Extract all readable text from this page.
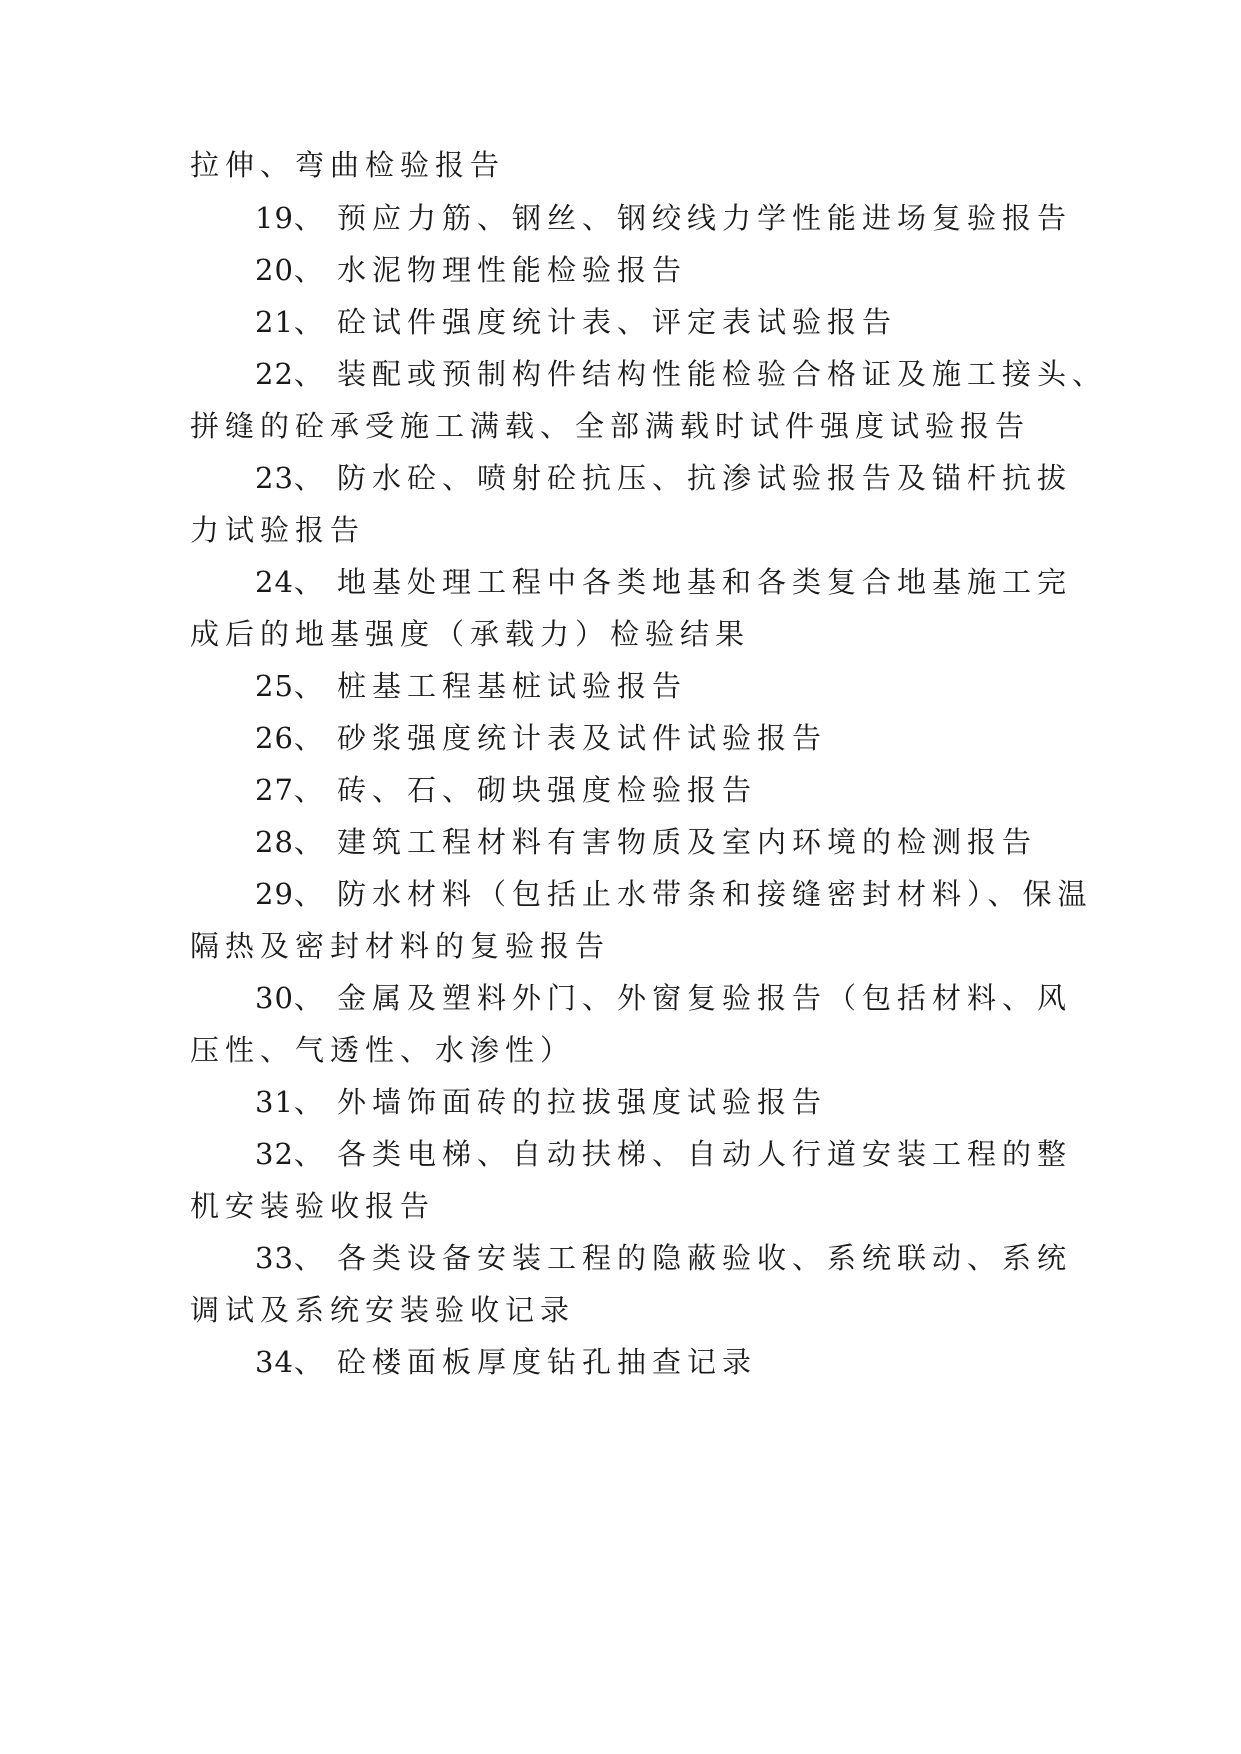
拉伸、弯曲检验报告
19、 预应力筋、钢丝、钢绞线力学性能进场复验报告
20、 水泥物理性能检验报告
21、 砼试件强度统计表、评定表试验报告
22、 装配或预制构件结构性能检验合格证及施工接头、
拼缝的砼承受施工满载、全部满载时试件强度试验报告
23、 防水砼、喷射砼抗压、抗渗试验报告及锚杆抗拔
力试验报告
24、 地基处理工程中各类地基和各类复合地基施工完
成后的地基强度（承载力）检验结果
25、 桩基工程基桩试验报告
26、 砂浆强度统计表及试件试验报告
27、 砖、石、砌块强度检验报告
28、 建筑工程材料有害物质及室内环境的检测报告
29、 防水材料（包括止水带条和接缝密封材料）、保温
隔热及密封材料的复验报告
30、 金属及塑料外门、外窗复验报告（包括材料、风
压性、气透性、水渗性）
31、 外墙饰面砖的拉拔强度试验报告
32、 各类电梯、自动扶梯、自动人行道安装工程的整
机安装验收报告
33、 各类设备安装工程的隐蔽验收、系统联动、系统
调试及系统安装验收记录
34、 砼楼面板厚度钻孔抽查记录
